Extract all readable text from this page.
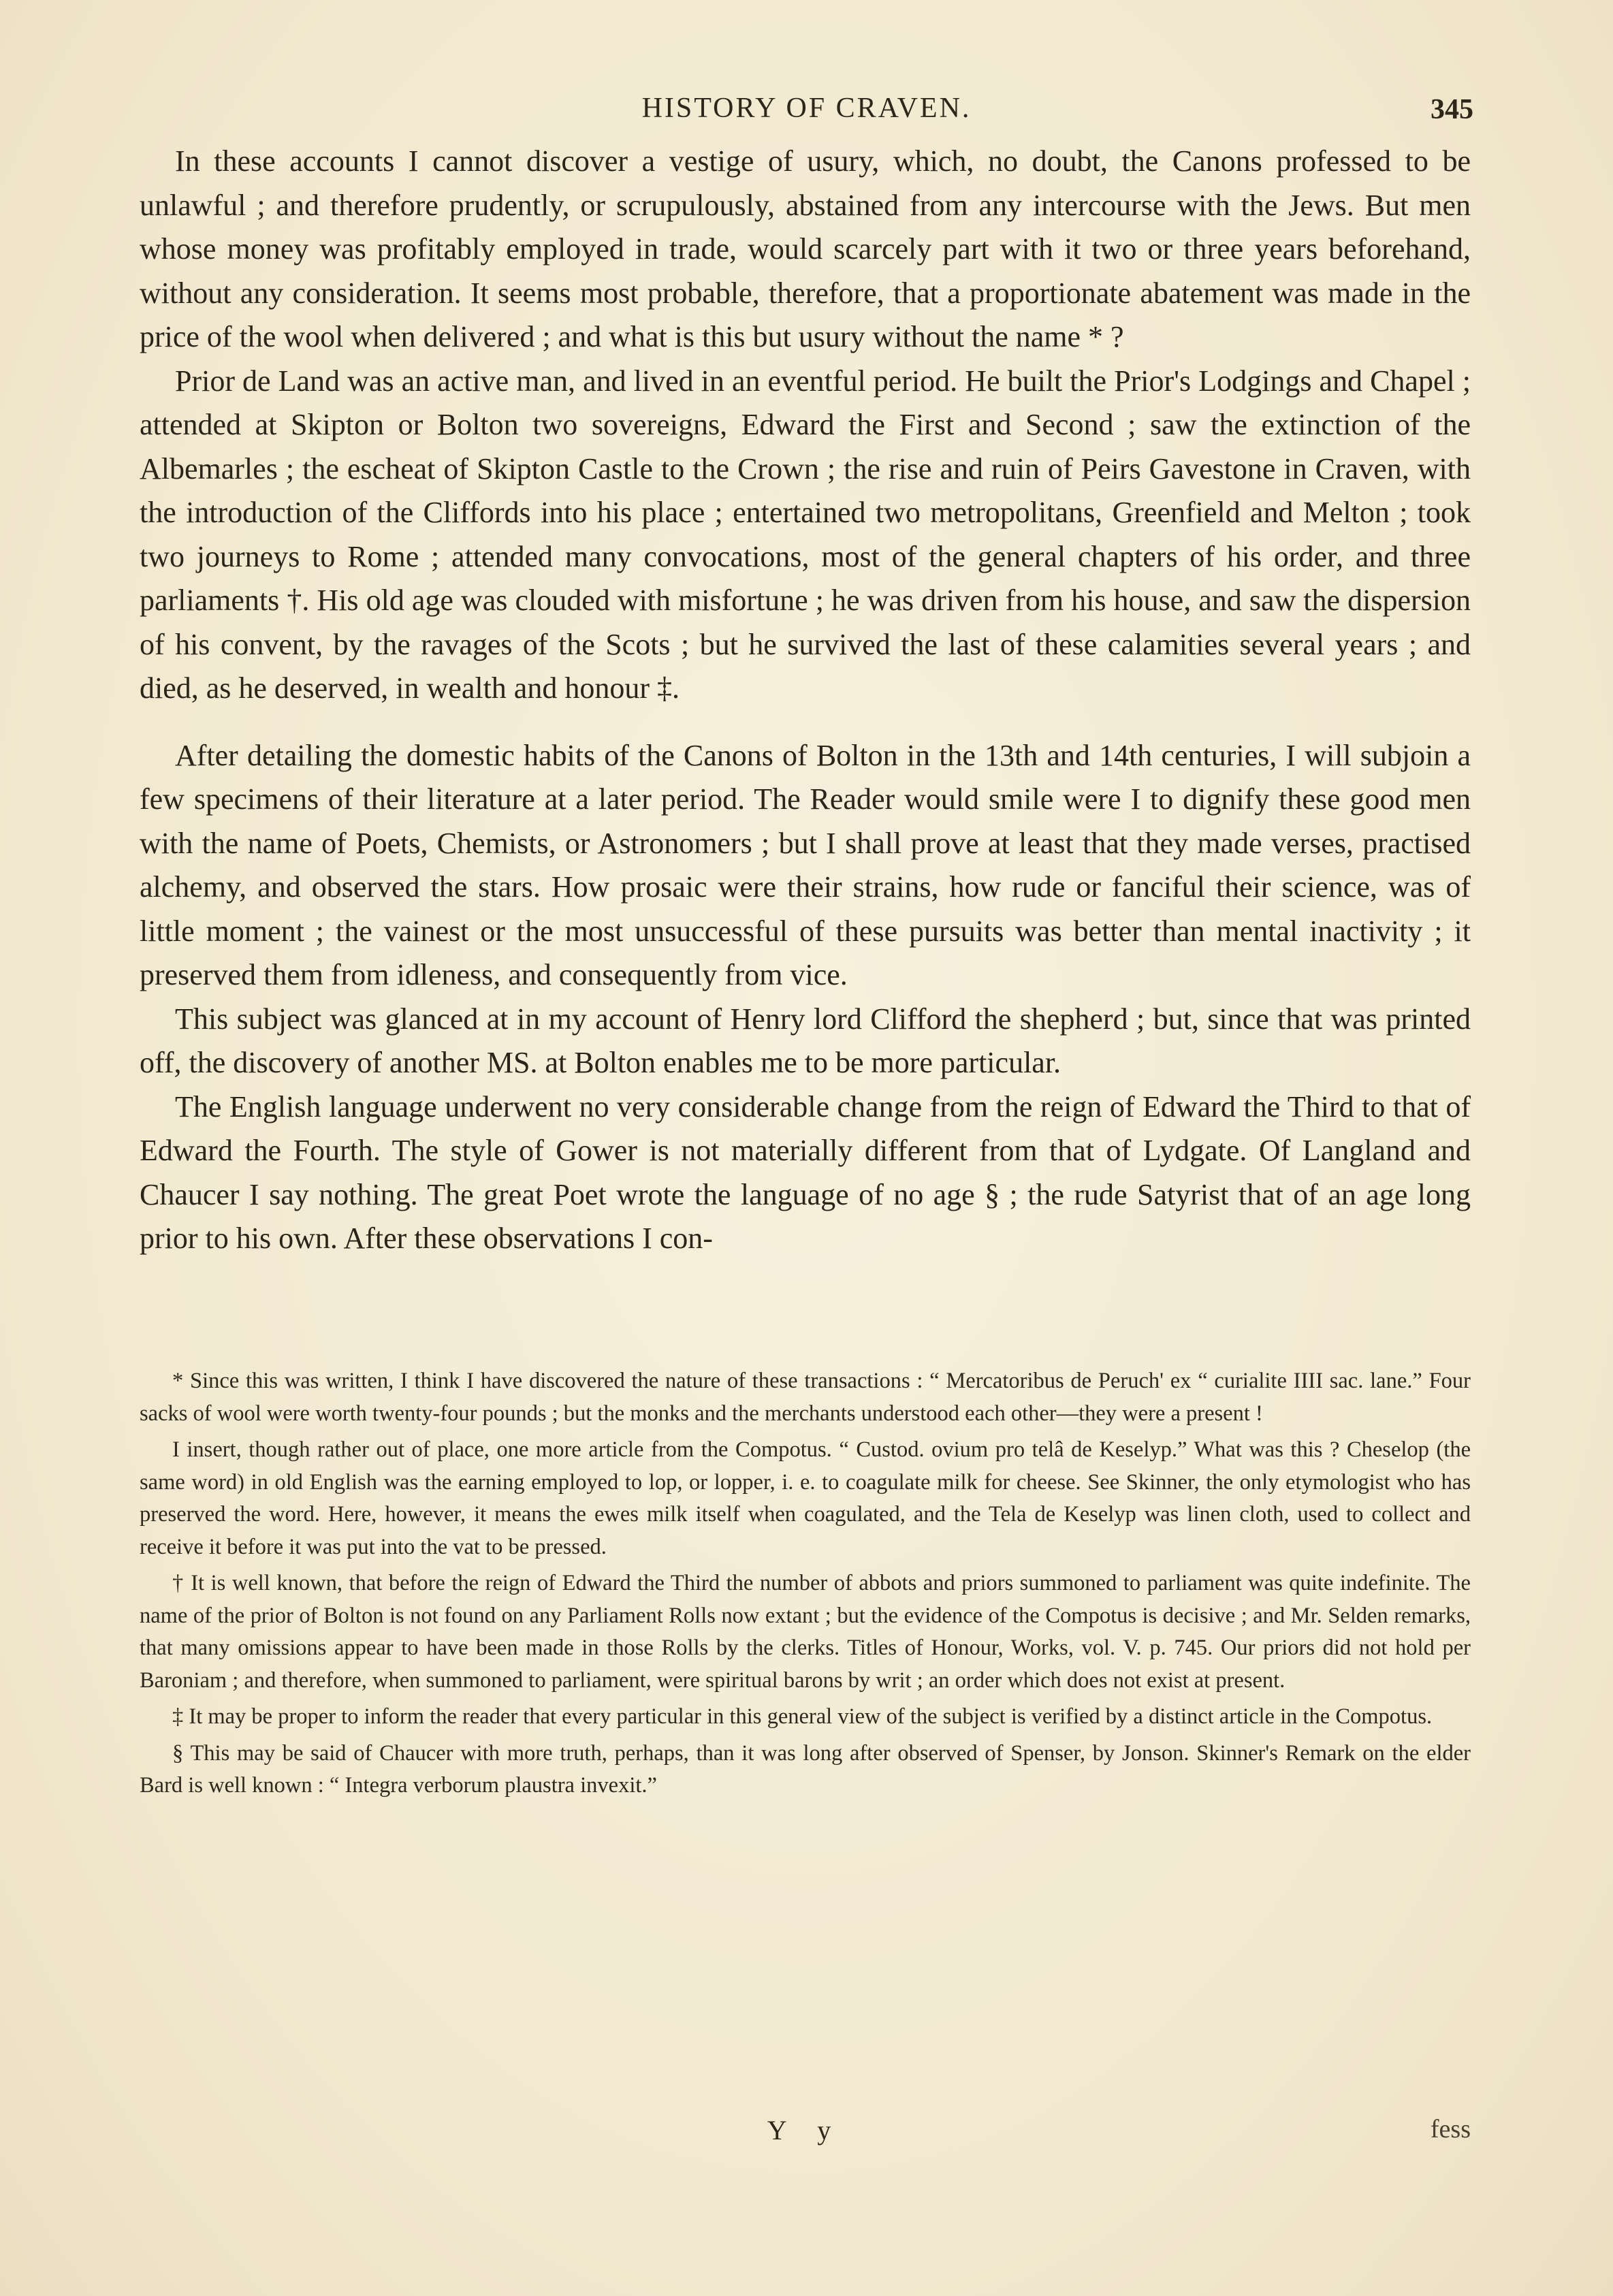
HISTORY OF CRAVEN.	345

In these accounts I cannot discover a vestige of usury, which, no doubt, the Canons professed to be unlawful ; and therefore prudently, or scrupulously, abstained from any intercourse with the Jews. But men whose money was profitably employed in trade, would scarcely part with it two or three years beforehand, without any consideration. It seems most probable, therefore, that a proportionate abatement was made in the price of the wool when delivered ; and what is this but usury without the name * ?

Prior de Land was an active man, and lived in an eventful period. He built the Prior's Lodgings and Chapel ; attended at Skipton or Bolton two sovereigns, Edward the First and Second ; saw the extinction of the Albemarles ; the escheat of Skipton Castle to the Crown ; the rise and ruin of Peirs Gavestone in Craven, with the introduction of the Cliffords into his place ; entertained two metropolitans, Greenfield and Melton ; took two journeys to Rome ; attended many convocations, most of the general chapters of his order, and three parliaments †. His old age was clouded with misfortune ; he was driven from his house, and saw the dispersion of his convent, by the ravages of the Scots ; but he survived the last of these calamities several years ; and died, as he deserved, in wealth and honour ‡.

After detailing the domestic habits of the Canons of Bolton in the 13th and 14th centuries, I will subjoin a few specimens of their literature at a later period. The Reader would smile were I to dignify these good men with the name of Poets, Chemists, or Astronomers ; but I shall prove at least that they made verses, practised alchemy, and observed the stars. How prosaic were their strains, how rude or fanciful their science, was of little moment ; the vainest or the most unsuccessful of these pursuits was better than mental inactivity ; it preserved them from idleness, and consequently from vice.

This subject was glanced at in my account of Henry lord Clifford the shepherd ; but, since that was printed off, the discovery of another MS. at Bolton enables me to be more particular.

The English language underwent no very considerable change from the reign of Edward the Third to that of Edward the Fourth. The style of Gower is not materially different from that of Lydgate. Of Langland and Chaucer I say nothing. The great Poet wrote the language of no age § ; the rude Satyrist that of an age long prior to his own. After these observations I con-

* Since this was written, I think I have discovered the nature of these transactions : “ Mercatoribus de Peruch' ex “ curialite IIII sac. lane.” Four sacks of wool were worth twenty-four pounds ; but the monks and the merchants understood each other—they were a present !

I insert, though rather out of place, one more article from the Compotus. “ Custod. ovium pro telâ de Keselyp.” What was this ? Cheselop (the same word) in old English was the earning employed to lop, or lopper, i. e. to coagulate milk for cheese. See Skinner, the only etymologist who has preserved the word. Here, however, it means the ewes milk itself when coagulated, and the Tela de Keselyp was linen cloth, used to collect and receive it before it was put into the vat to be pressed.

† It is well known, that before the reign of Edward the Third the number of abbots and priors summoned to parliament was quite indefinite. The name of the prior of Bolton is not found on any Parliament Rolls now extant ; but the evidence of the Compotus is decisive ; and Mr. Selden remarks, that many omissions appear to have been made in those Rolls by the clerks. Titles of Honour, Works, vol. V. p. 745. Our priors did not hold per Baroniam ; and therefore, when summoned to parliament, were spiritual barons by writ ; an order which does not exist at present.

‡ It may be proper to inform the reader that every particular in this general view of the subject is verified by a distinct article in the Compotus.

§ This may be said of Chaucer with more truth, perhaps, than it was long after observed of Spenser, by Jonson. Skinner's Remark on the elder Bard is well known : “ Integra verborum plaustra invexit.”

Y y	fess
